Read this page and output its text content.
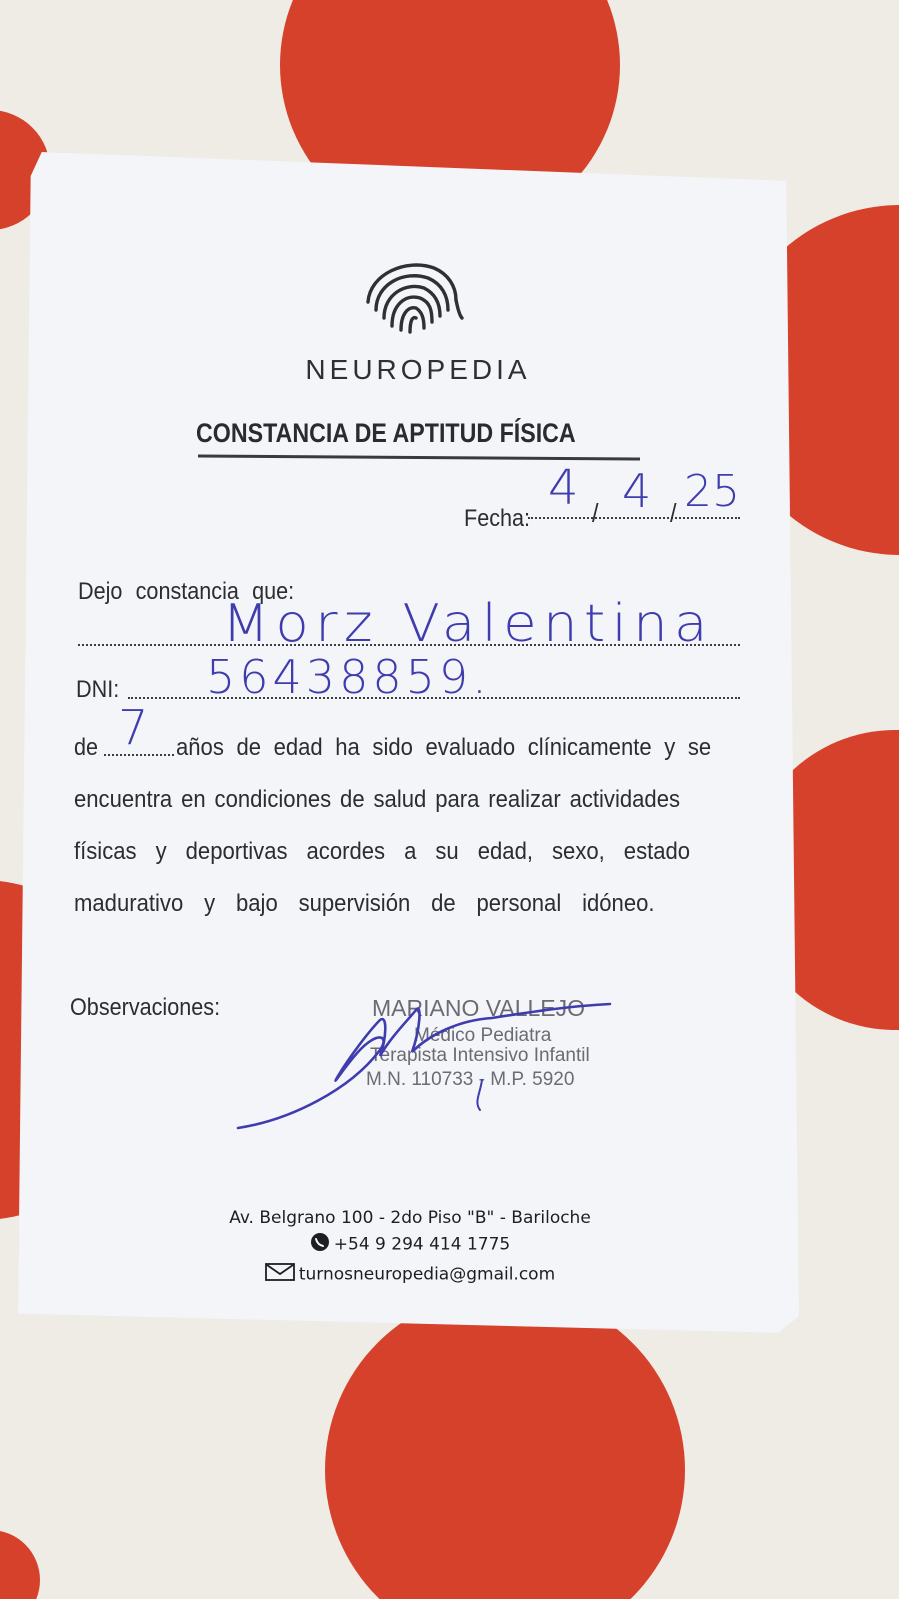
NEUROPEDIA
CONSTANCIA DE APTITUD FÍSICA
Fecha: /	/
4 4 25
Dejo constancia que:
Morz Valentina
DNI: 56438859.
de 7 años de edad ha sido evaluado clínicamente y se
encuentra en condiciones de salud para realizar actividades
físicas y deportivas acordes a su edad, sexo, estado
madurativo y bajo supervisión de personal idóneo.
Observaciones:	MARIANO VALLEJO
Médico Pediatra
Terapista Intensivo Infantil
M.N. 110733 - M.P. 5920
Av. Belgrano 100 - 2do Piso "B" - Bariloche
+54 9 294 414 1775
turnosneuropedia@gmail.com
